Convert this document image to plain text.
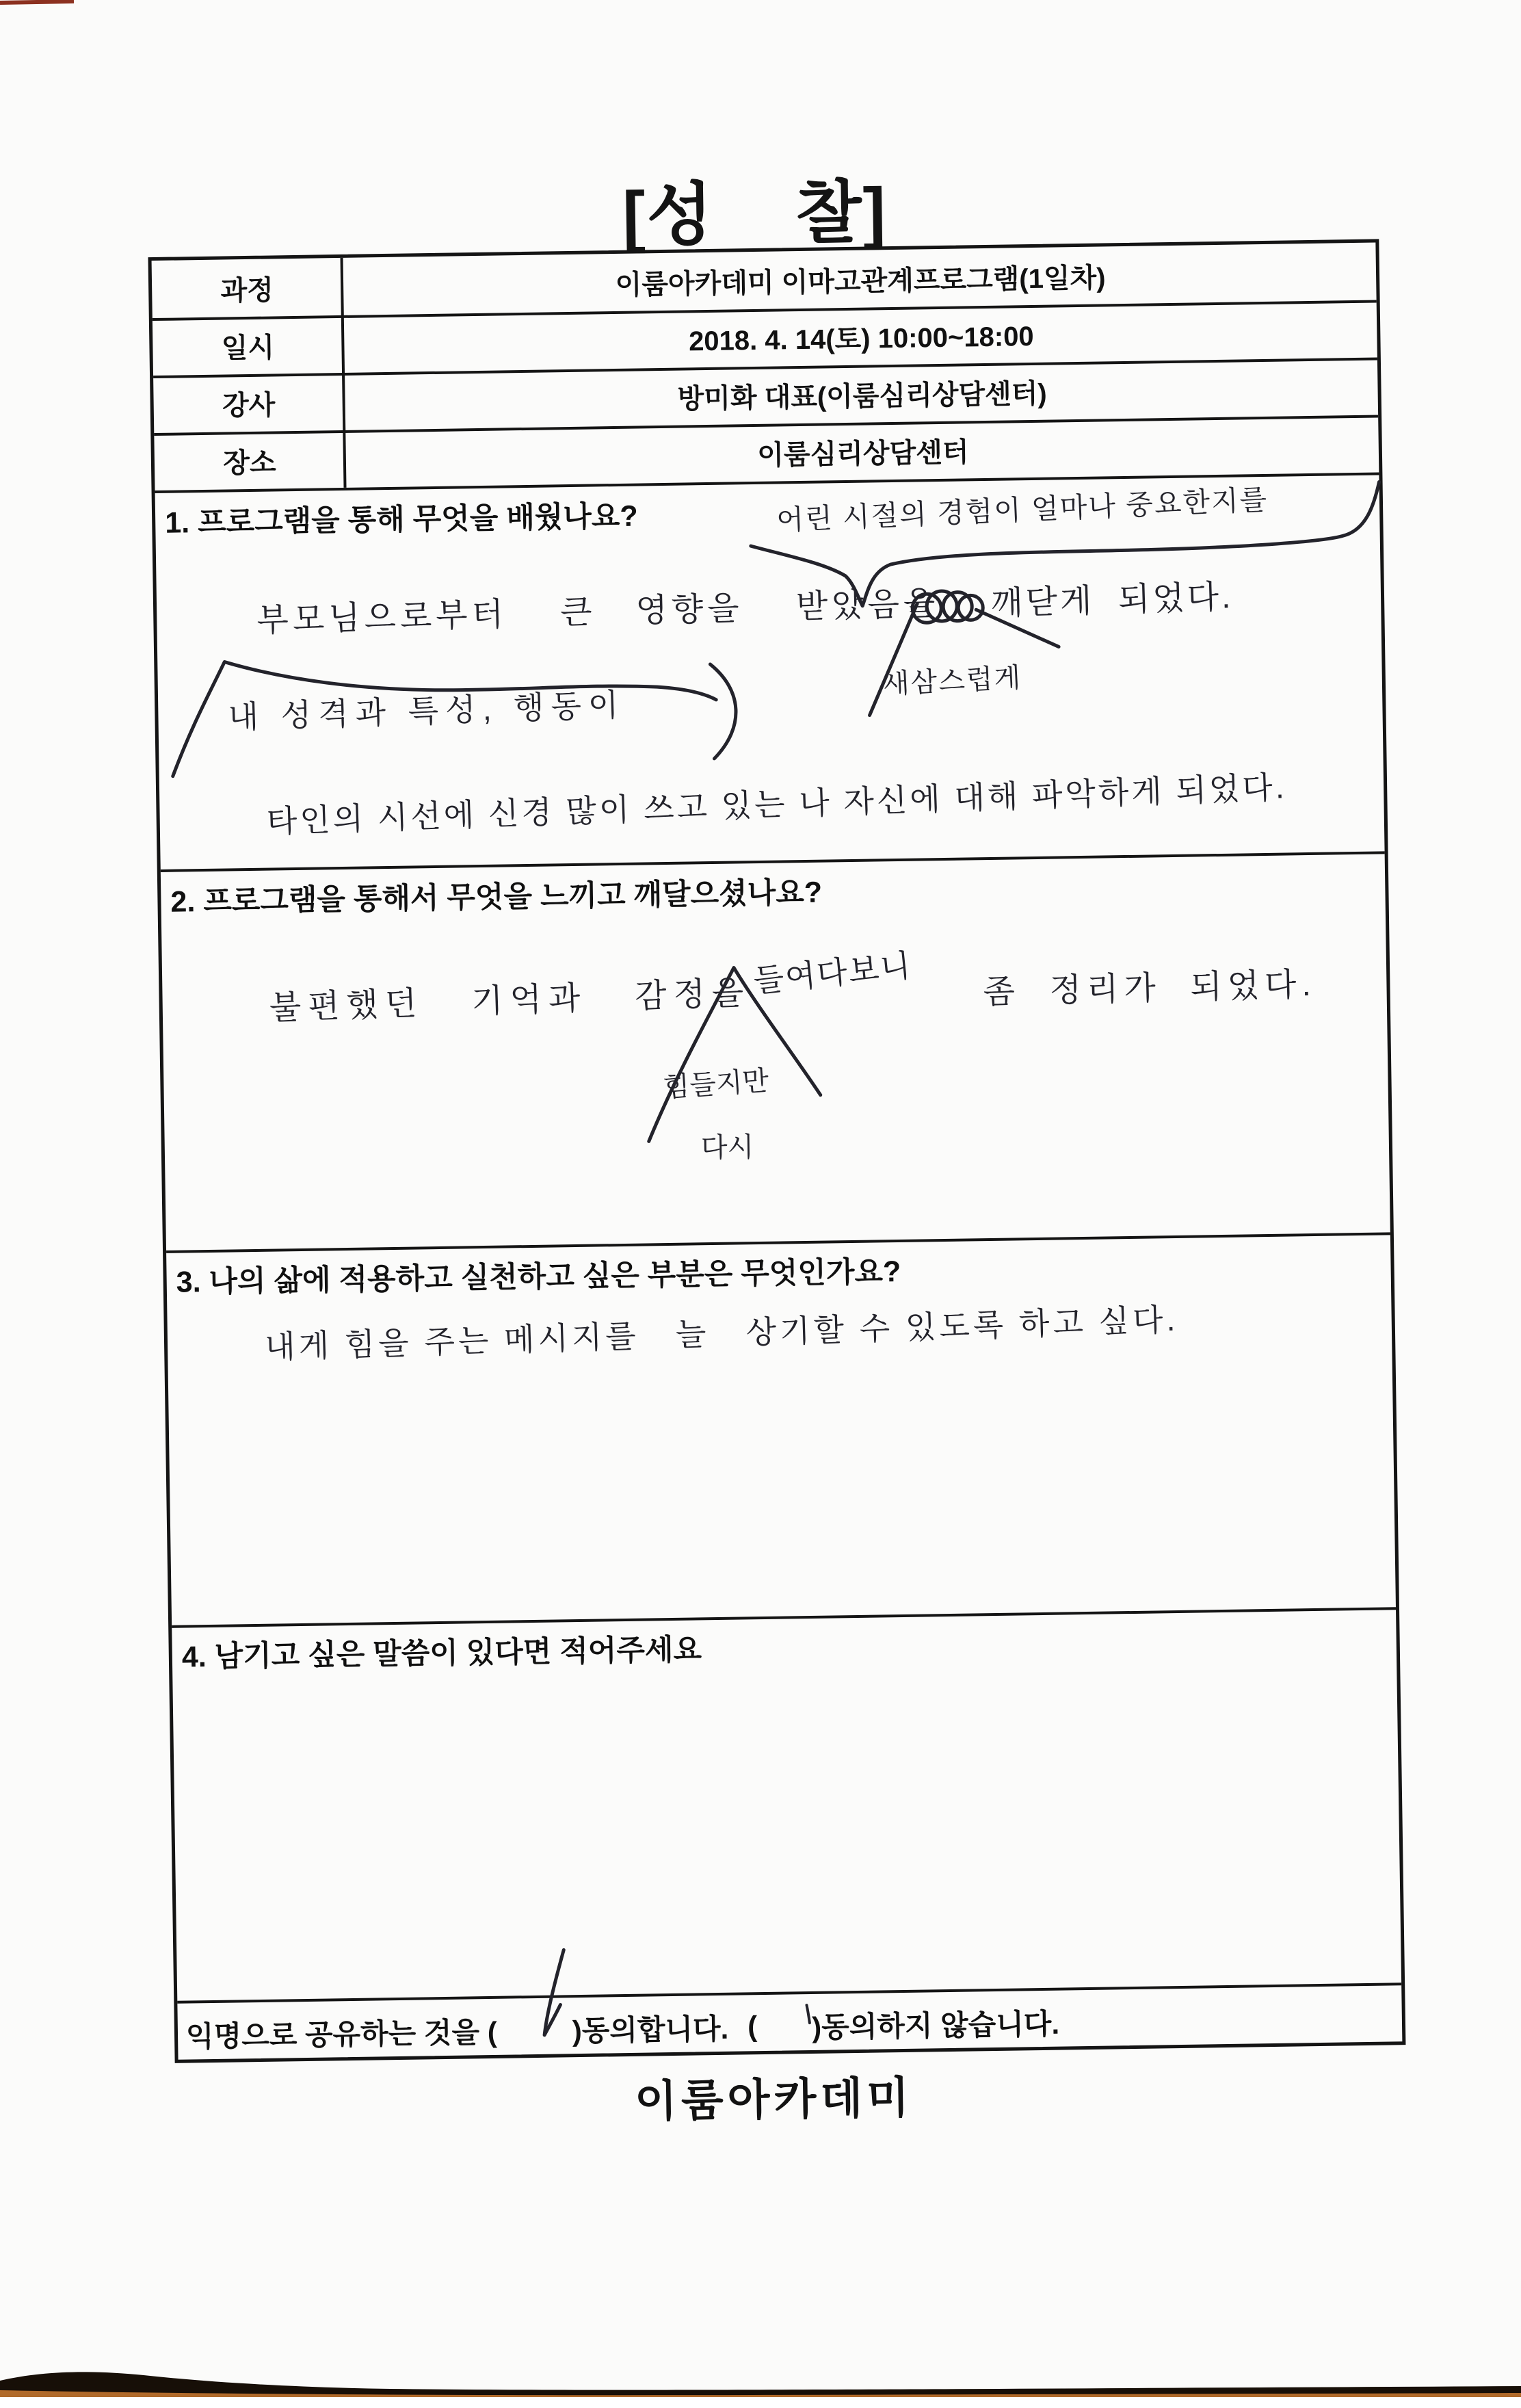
[성    찰]
과정	이룸아카데미 이마고관계프로그램(1일차)
일시	2018. 4. 14(토) 10:00~18:00
강사	방미화 대표(이룸심리상담센터)
장소	이룸심리상담센터
1. 프로그램을 통해 무엇을 배웠나요?
2. 프로그램을 통해서 무엇을 느끼고 깨달으셨나요?
3. 나의 삶에 적용하고 실천하고 싶은 부분은 무엇인가요?
4. 남기고 싶은 말씀이 있다면 적어주세요
익명으로 공유하는 것을 (	)동의합니다. ( )동의하지 않습니다.
어린 시절의 경험이 얼마나 중요한지를
부모님으로부터    큰   영향을    받았음을 깨닫게  되었다.
새삼스럽게
내 성격과 특성, 행동이
타인의 시선에 신경 많이 쓰고 있는 나 자신에 대해 파악하게 되었다.
불편했던   기억과   감정을
들여다보니 좀  정리가  되었다.
힘들지만
다시
내게 힘을 주는 메시지를   늘   상기할 수 있도록 하고 싶다.
이룸아카데미
